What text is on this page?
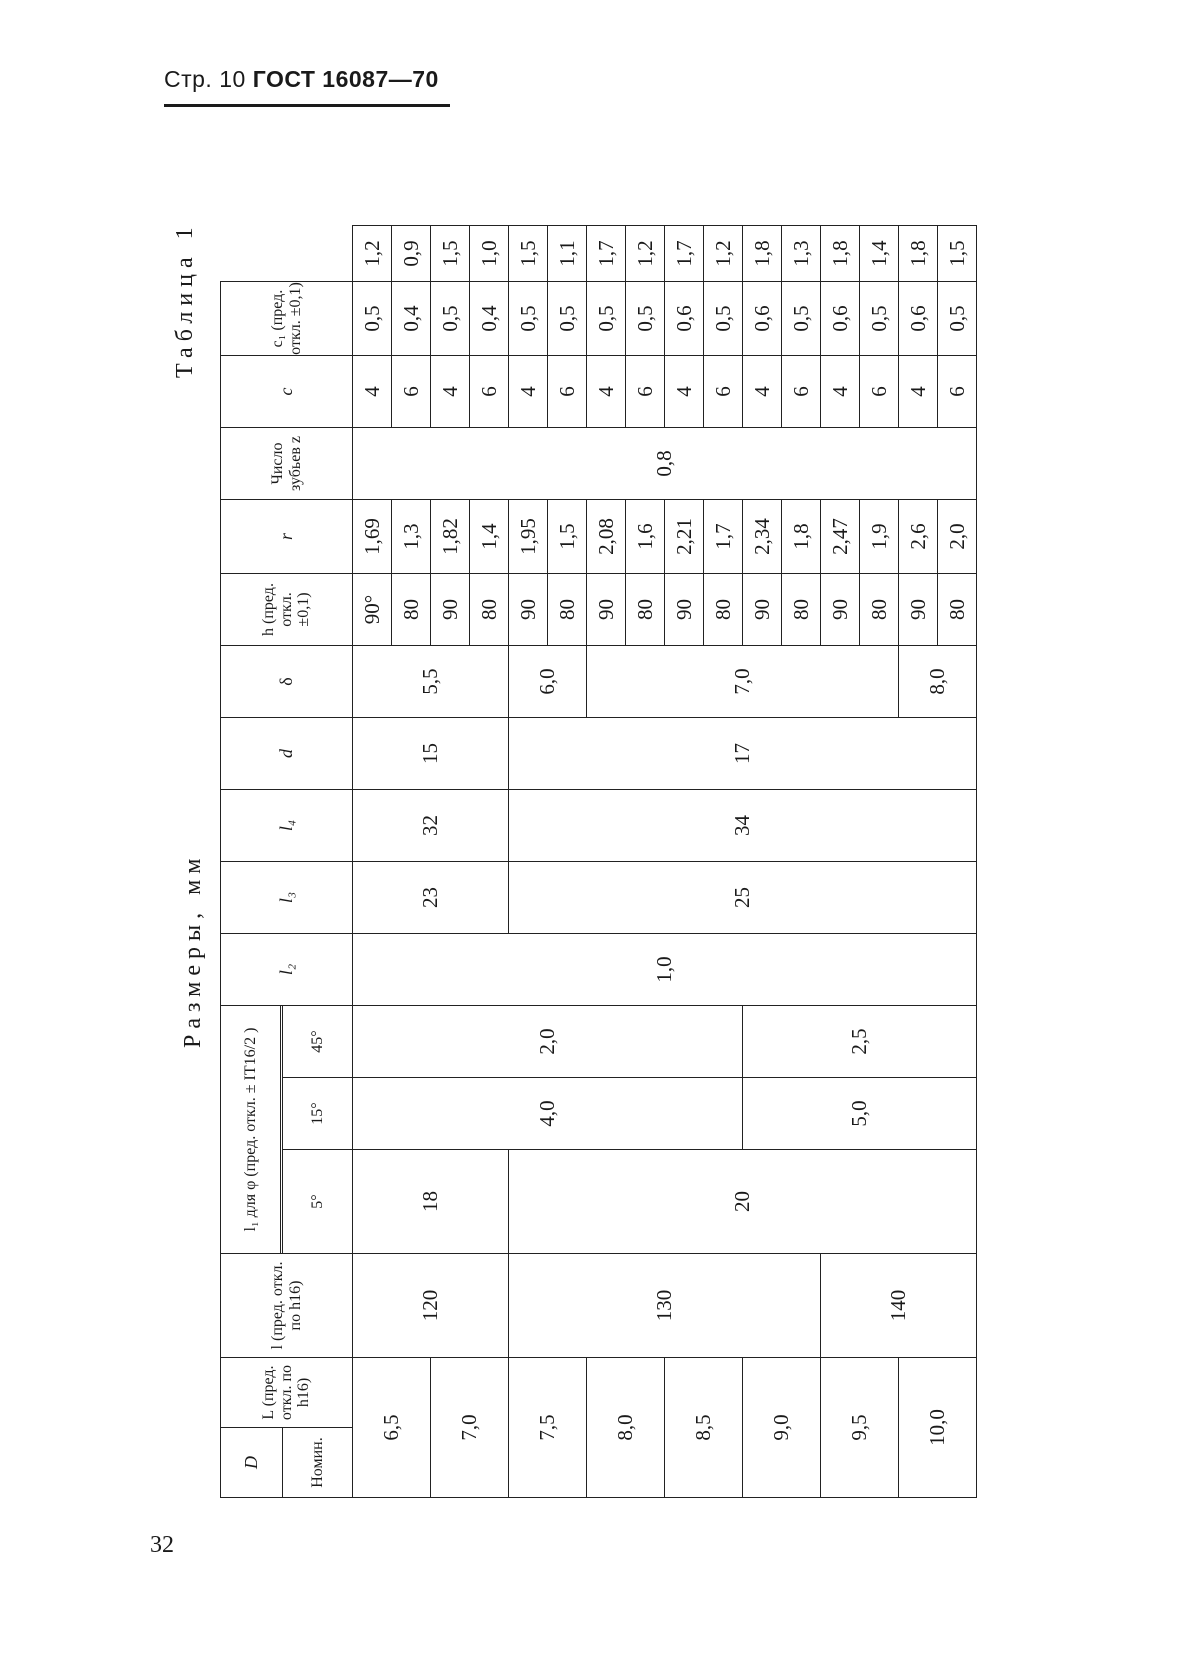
Стр. 10 ГОСТ 16087—70
Размеры, мм
Таблица 1
D	L (пред. откл. по h16)	l (пред. откл. по h16)	l₁ для φ (пред. откл. ± IT16/2 )			l₂	l₃	l₄	d	δ	h (пред. откл. ±0,1)	r	Число зубьев z	c	c₁ (пред. откл. ±0,1)	

Номин.			5°	15°	45°											
6,5		120	18	4,0	2,0	1,0	23	32	15	5,5	90°	1,69	0,8	4	0,5	1,2
											80	1,3		6	0,4	0,9
7,0											90	1,82		4	0,5	1,5
											80	1,4		6	0,4	1,0
7,5		130	20				25	34	17	6,0	90	1,95		4	0,5	1,5
											80	1,5		6	0,5	1,1
8,0										7,0	90	2,08		4	0,5	1,7
											80	1,6		6	0,5	1,2
8,5											90	2,21		4	0,6	1,7
											80	1,7		6	0,5	1,2
9,0				5,0	2,5						90	2,34		4	0,6	1,8
											80	1,8		6	0,5	1,3
9,5		140									90	2,47		4	0,6	1,8
											80	1,9		6	0,5	1,4
10,0										8,0	90	2,6		4	0,6	1,8
											80	2,0		6	0,5	1,5
32
